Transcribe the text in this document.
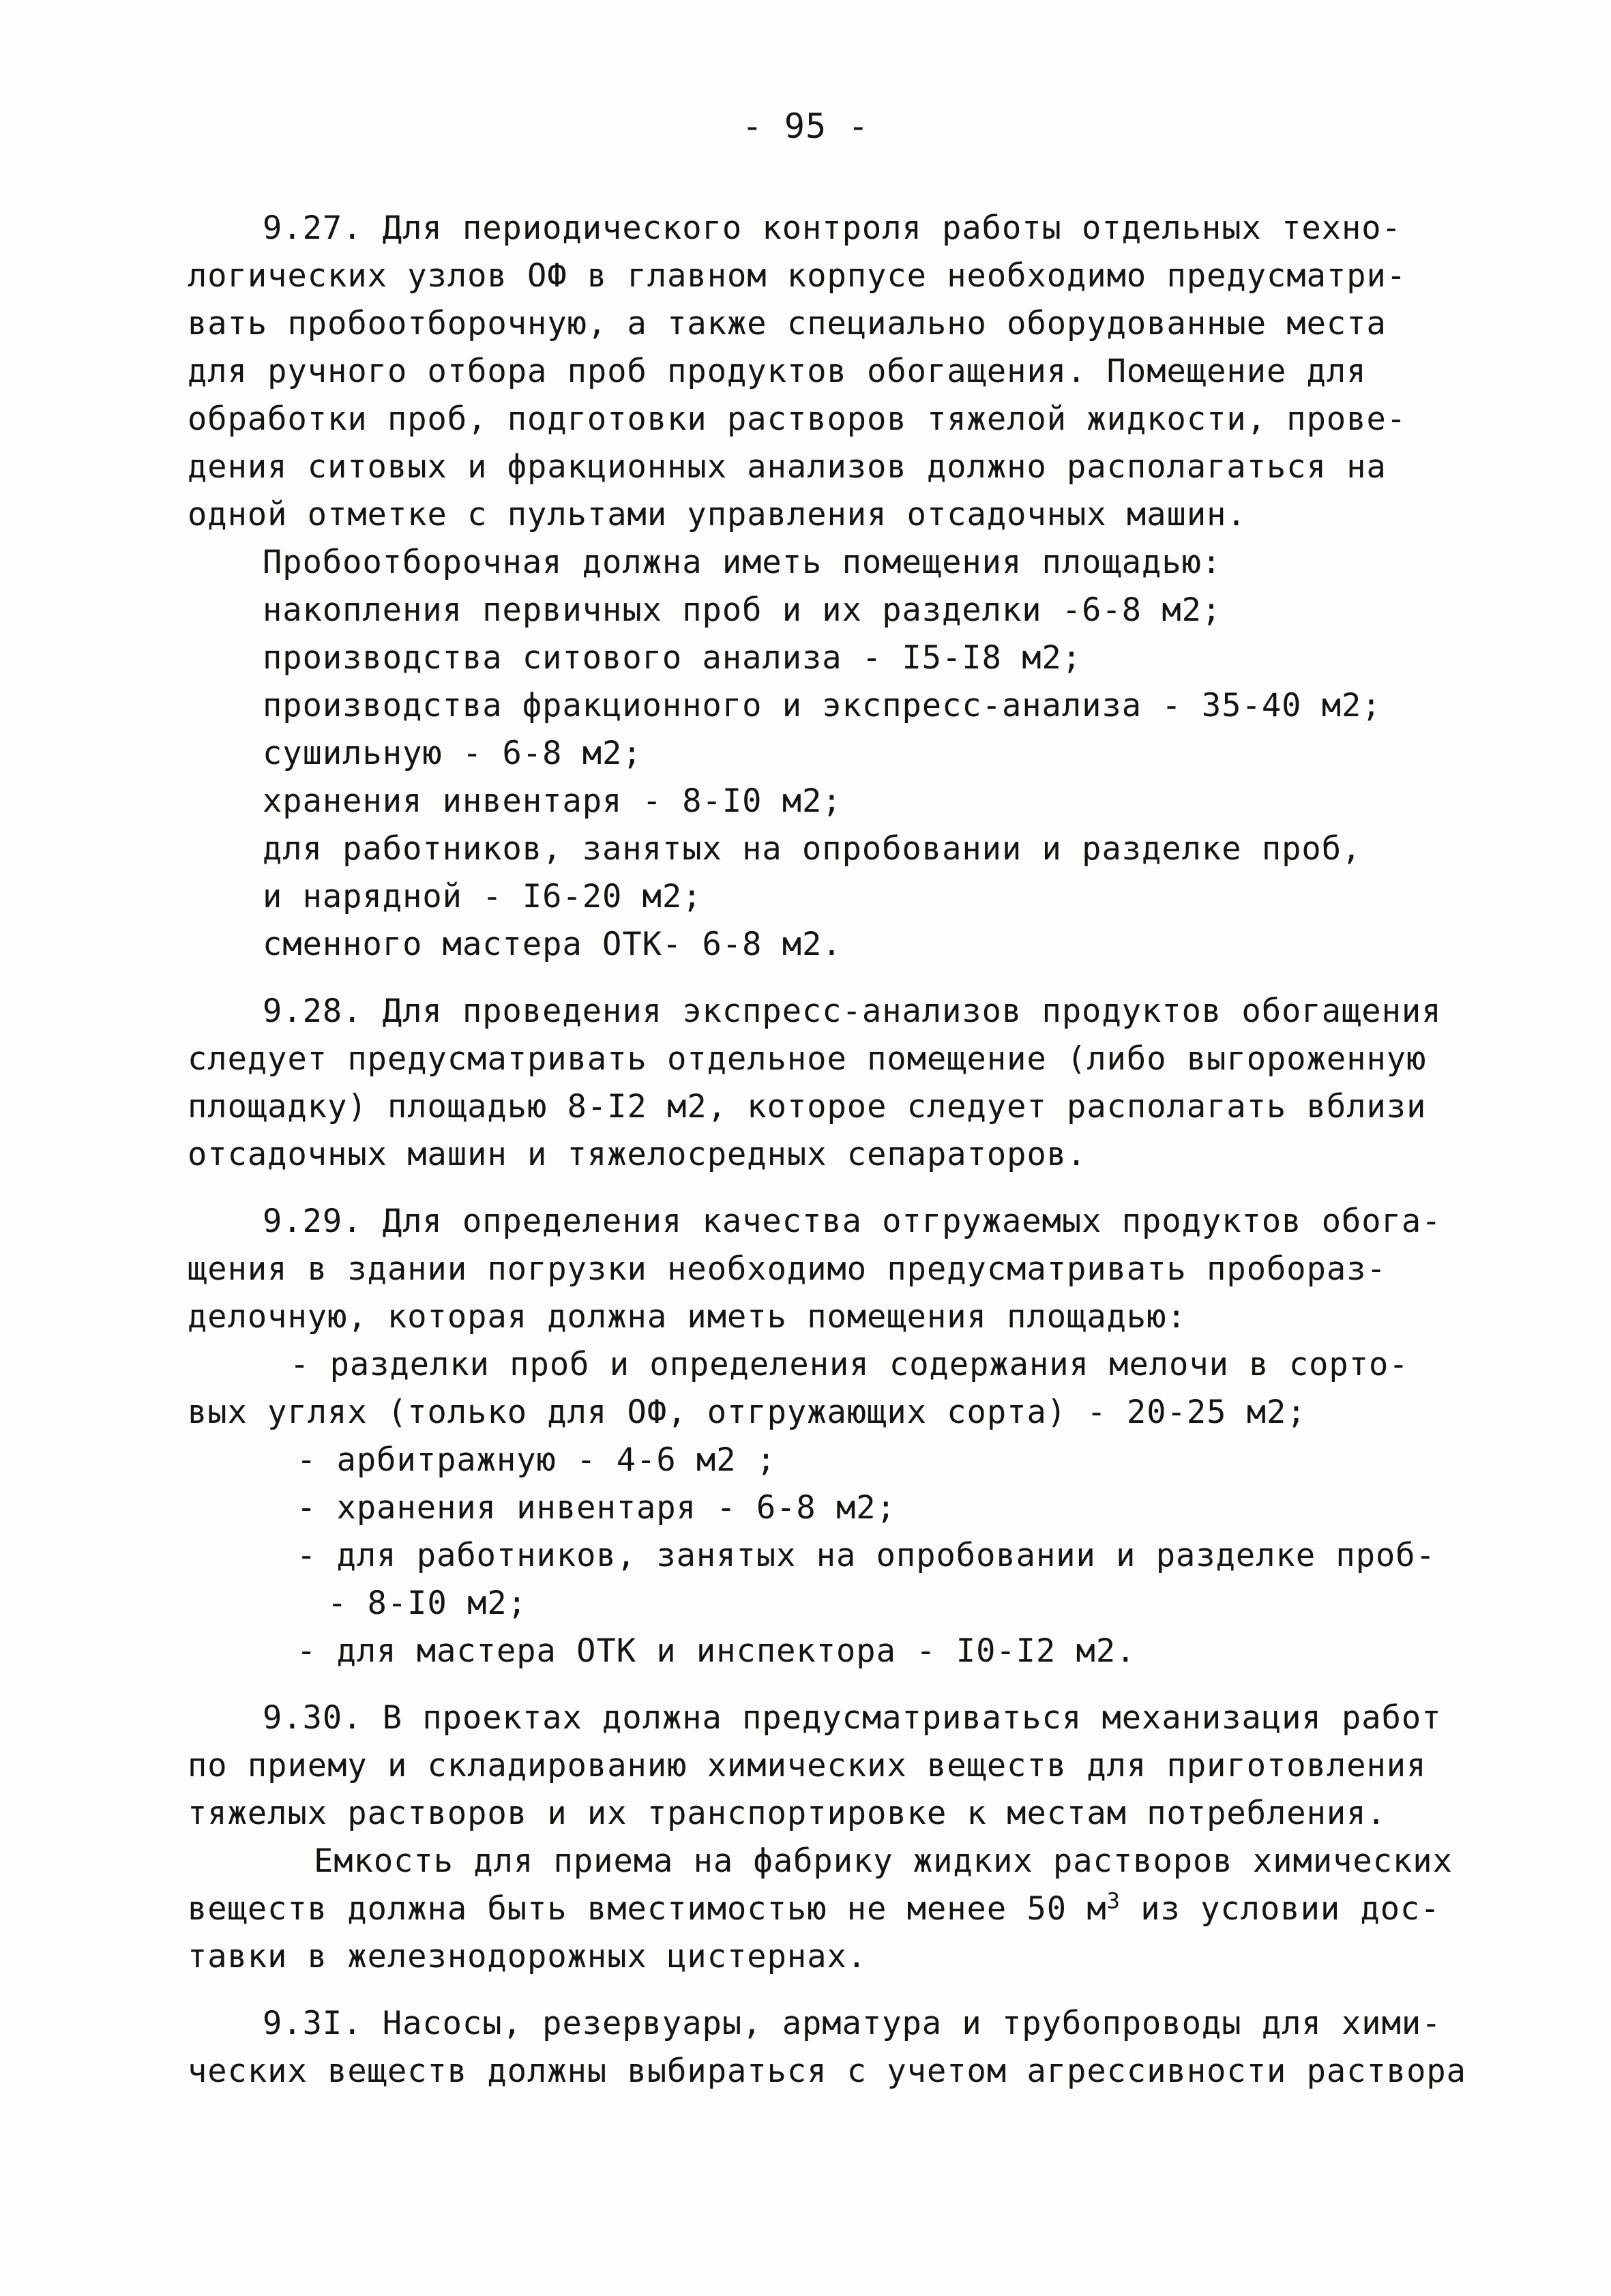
- 95 -
9.27. Для периодического контроля работы отдельных техно-
логических узлов ОФ в главном корпусе необходимо предусматри-
вать пробоотборочную, а также специально оборудованные места
для ручного отбора проб продуктов обогащения. Помещение для
обработки проб, подготовки растворов тяжелой жидкости, прове-
дения ситовых и фракционных анализов должно располагаться на
одной отметке с пультами управления отсадочных машин.
Пробоотборочная должна иметь помещения площадью:
накопления первичных проб и их разделки -6-8 м2;
производства ситового анализа - I5-I8 м2;
производства фракционного и экспресс-анализа - 35-40 м2;
сушильную - 6-8 м2;
хранения инвентаря - 8-I0 м2;
для работников, занятых на опробовании и разделке проб,
и нарядной - I6-20 м2;
сменного мастера ОТК- 6-8 м2.
9.28. Для проведения экспресс-анализов продуктов обогащения
следует предусматривать отдельное помещение (либо выгороженную
площадку) площадью 8-I2 м2, которое следует располагать вблизи
отсадочных машин и тяжелосредных сепараторов.
9.29. Для определения качества отгружаемых продуктов обога-
щения в здании погрузки необходимо предусматривать пробораз-
делочную, которая должна иметь помещения площадью:
- разделки проб и определения содержания мелочи в сорто-
вых углях (только для ОФ, отгружающих сорта) - 20-25 м2;
- арбитражную - 4-6 м2 ;
- хранения инвентаря - 6-8 м2;
- для работников, занятых на опробовании и разделке проб-
- 8-I0 м2;
- для мастера ОТК и инспектора - I0-I2 м2.
9.30. В проектах должна предусматриваться механизация работ
по приему и складированию химических веществ для приготовления
тяжелых растворов и их транспортировке к местам потребления.
Емкость для приема на фабрику жидких растворов химических
веществ должна быть вместимостью не менее 50 $м^3$ из условии дос-
тавки в железнодорожных цистернах.
9.3I. Насосы, резервуары, арматура и трубопроводы для хими-
ческих веществ должны выбираться с учетом агрессивности раствора
